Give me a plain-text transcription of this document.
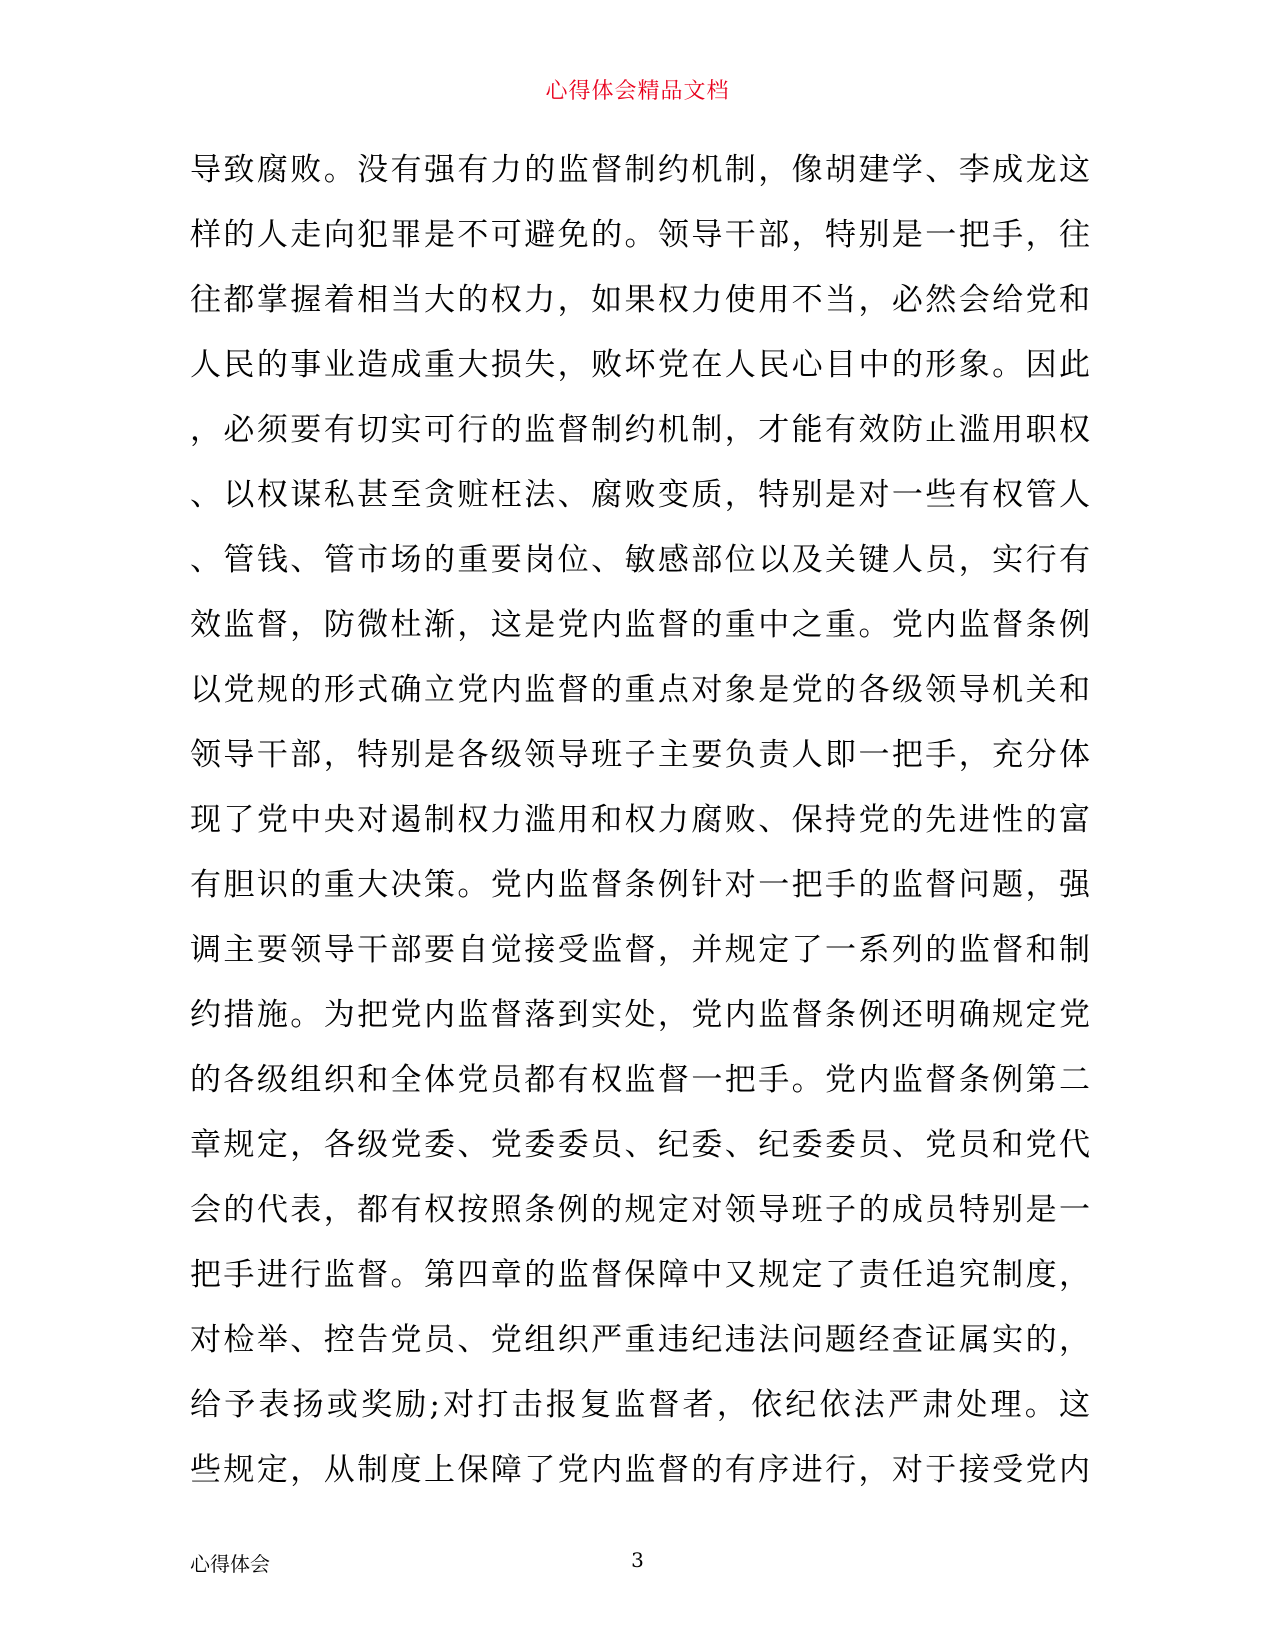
心得体会精品文档
导致腐败。没有强有力的监督制约机制，像胡建学、李成龙这
样的人走向犯罪是不可避免的。领导干部，特别是一把手，往
往都掌握着相当大的权力，如果权力使用不当，必然会给党和
人民的事业造成重大损失，败坏党在人民心目中的形象。因此
，必须要有切实可行的监督制约机制，才能有效防止滥用职权
、以权谋私甚至贪赃枉法、腐败变质，特别是对一些有权管人
、管钱、管市场的重要岗位、敏感部位以及关键人员，实行有
效监督，防微杜渐，这是党内监督的重中之重。党内监督条例
以党规的形式确立党内监督的重点对象是党的各级领导机关和
领导干部，特别是各级领导班子主要负责人即一把手，充分体
现了党中央对遏制权力滥用和权力腐败、保持党的先进性的富
有胆识的重大决策。党内监督条例针对一把手的监督问题，强
调主要领导干部要自觉接受监督，并规定了一系列的监督和制
约措施。为把党内监督落到实处，党内监督条例还明确规定党
的各级组织和全体党员都有权监督一把手。党内监督条例第二
章规定，各级党委、党委委员、纪委、纪委委员、党员和党代
会的代表，都有权按照条例的规定对领导班子的成员特别是一
把手进行监督。第四章的监督保障中又规定了责任追究制度，
对检举、控告党员、党组织严重违纪违法问题经查证属实的，
给予表扬或奖励;对打击报复监督者，依纪依法严肃处理。这
些规定，从制度上保障了党内监督的有序进行，对于接受党内
心得体会	3
